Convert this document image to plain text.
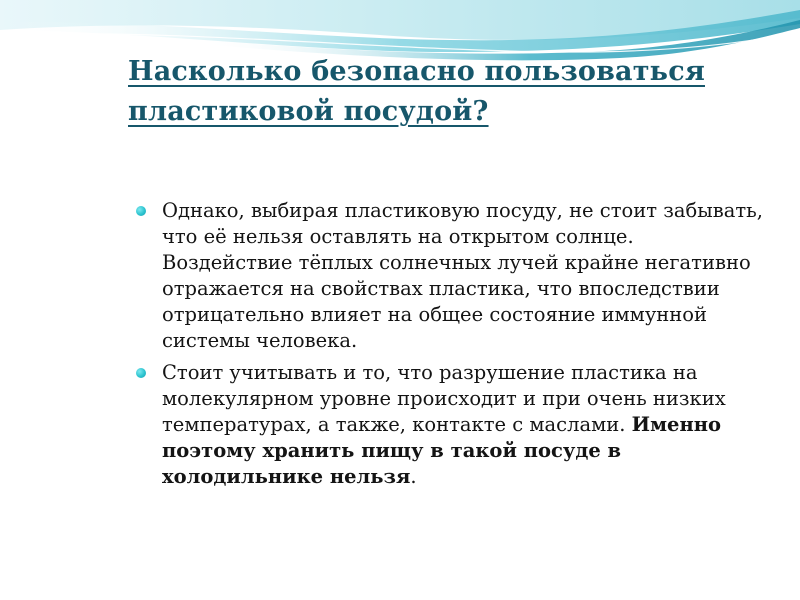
Насколько безопасно пользоваться пластиковой посудой?
Однако, выбирая пластиковую посуду, не стоит забывать, что её нельзя оставлять на открытом солнце. Воздействие тёплых солнечных лучей крайне негативно отражается на свойствах пластика, что впоследствии отрицательно влияет на общее состояние иммунной системы человека.
Стоит учитывать и то, что разрушение пластика на молекулярном уровне происходит и при очень низких температурах, а также, контакте с маслами. Именно поэтому хранить пищу в такой посуде в холодильнике нельзя.
